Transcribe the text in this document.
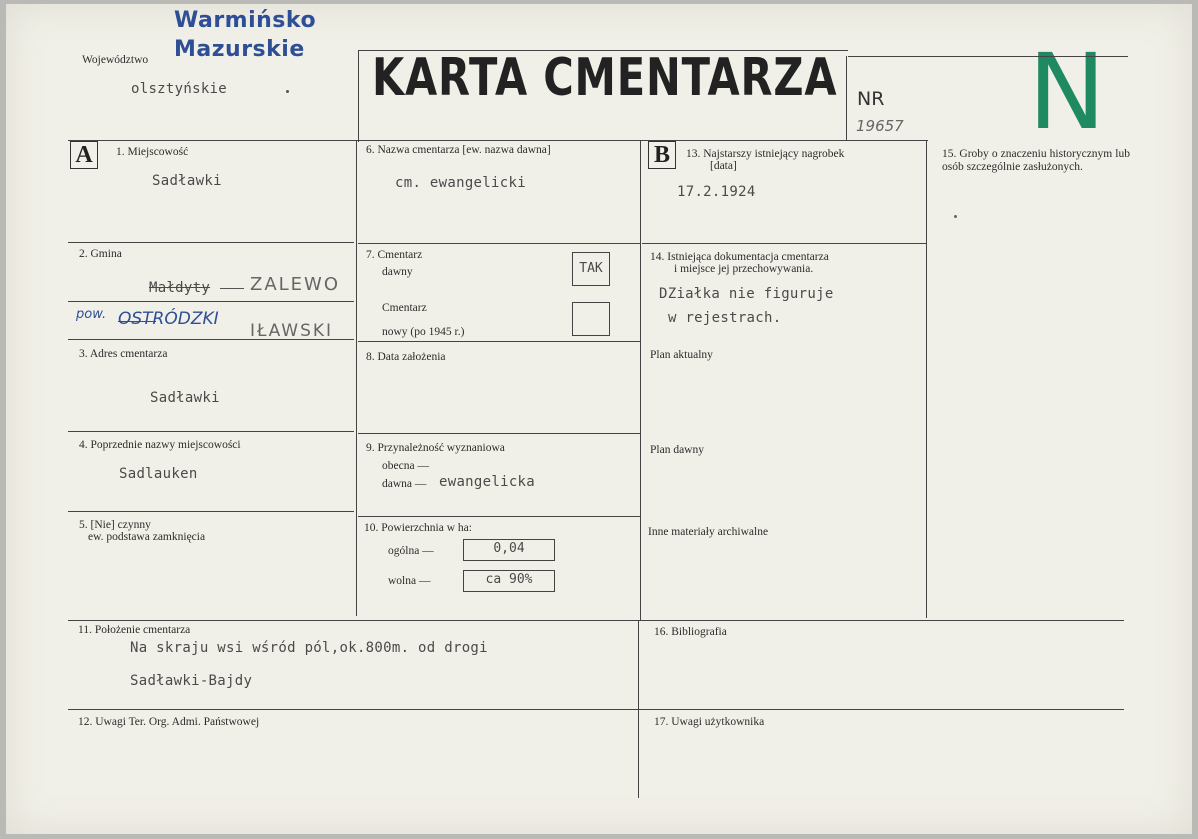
Warmińsko
Mazurskie
Województwo
olsztyńskie	KARTA CMENTARZA NR
19657 N
A	1. Miejscowość
Sadławki
2. Gmina
Małdyty ZALEWO
pow. OSTRÓDZKI
IŁAWSKI
3. Adres cmentarza
Sadławki
4. Poprzednie nazwy miejscowości
Sadlauken
5. [Nie] czynny
ew. podstawa zamknięcia
6. Nazwa cmentarza [ew. nazwa dawna]
cm. ewangelicki
7. Cmentarz
dawny	TAK
Cmentarz
nowy (po 1945 r.)
8. Data założenia
9. Przynależność wyznaniowa
obecna —
dawna — ewangelicka
10. Powierzchnia w ha:
ogólna —	0,04
wolna —	ca 90%
B	13. Najstarszy istniejący nagrobek
[data]
17.2.1924
14. Istniejąca dokumentacja cmentarza
i miejsce jej przechowywania.
DZiałka nie figuruje
w rejestrach.
Plan aktualny
Plan dawny
Inne materiały archiwalne
15. Groby o znaczeniu historycznym lub osób szczególnie zasłużonych.
11. Położenie cmentarza
Na skraju wsi wśród pól,ok.800m. od drogi
Sadławki-Bajdy
12. Uwagi Ter. Org. Admi. Państwowej
16. Bibliografia
17. Uwagi użytkownika
